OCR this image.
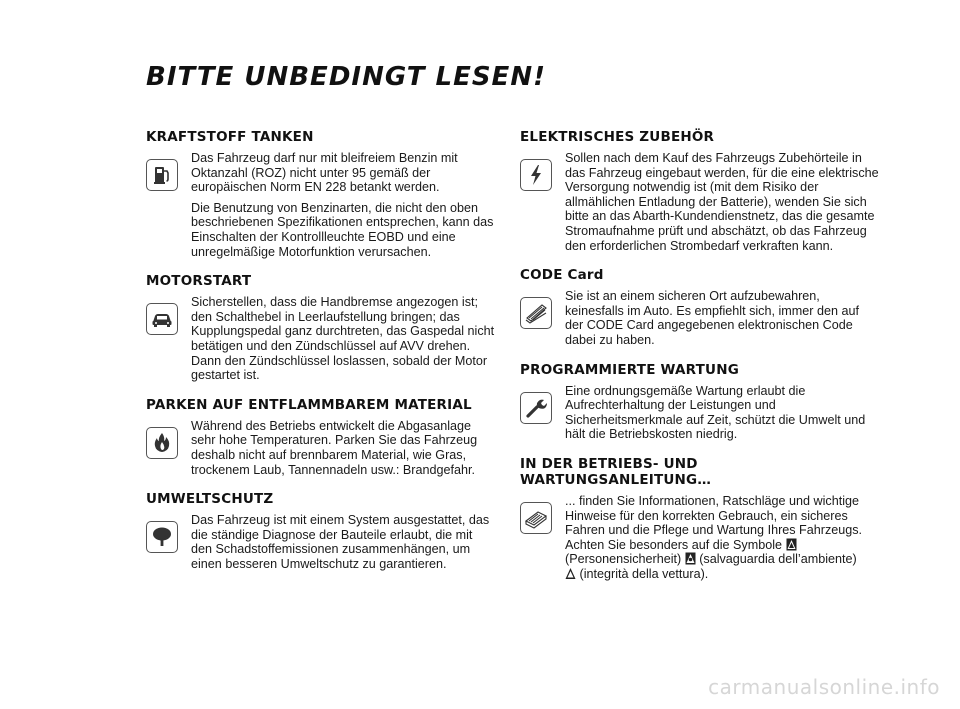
BITTE UNBEDINGT LESEN!
KRAFTSTOFF TANKEN

Das Fahrzeug darf nur mit bleifreiem Benzin mit Oktanzahl (ROZ) nicht unter 95 gemäß der europäischen Norm EN 228 betankt werden.

Die Benutzung von Benzinarten, die nicht den oben beschriebenen Spezifikationen entsprechen, kann das Einschalten der Kontrollleuchte EOBD und eine unregelmäßige Motorfunktion verursachen.

MOTORSTART

Sicherstellen, dass die Handbremse angezogen ist; den Schalthebel in Leerlaufstellung bringen; das Kupplungspedal ganz durchtreten, das Gaspedal nicht betätigen und den Zündschlüssel auf AVV drehen. Dann den Zündschlüssel loslassen, sobald der Motor gestartet ist.

PARKEN AUF ENTFLAMMBAREM MATERIAL

Während des Betriebs entwickelt die Abgasanlage sehr hohe Temperaturen. Parken Sie das Fahrzeug deshalb nicht auf brennbarem Material, wie Gras, trockenem Laub, Tannennadeln usw.: Brandgefahr.

UMWELTSCHUTZ

Das Fahrzeug ist mit einem System ausgestattet, das die ständige Diagnose der Bauteile erlaubt, die mit den Schadstoffemissionen zusammenhängen, um einen besseren Umweltschutz zu garantieren.

ELEKTRISCHES ZUBEHÖR

Sollen nach dem Kauf des Fahrzeugs Zubehörteile in das Fahrzeug eingebaut werden, für die eine elektrische Versorgung notwendig ist (mit dem Risiko der allmählichen Entladung der Batterie), wenden Sie sich bitte an das Abarth-Kundendienstnetz, das die gesamte Stromaufnahme prüft und abschätzt, ob das Fahrzeug den erforderlichen Strombedarf verkraften kann.

CODE Card

Sie ist an einem sicheren Ort aufzubewahren, keinesfalls im Auto. Es empfiehlt sich, immer den auf der CODE Card angegebenen elektronischen Code dabei zu haben.

PROGRAMMIERTE WARTUNG

Eine ordnungsgemäße Wartung erlaubt die Aufrechterhaltung der Leistungen und Sicherheitsmerkmale auf Zeit, schützt die Umwelt und hält die Betriebskosten niedrig.

IN DER BETRIEBS- UND WARTUNGSANLEITUNG…

... finden Sie Informationen, Ratschläge und wichtige Hinweise für den korrekten Gebrauch, ein sicheres Fahren und die Pflege und Wartung Ihres Fahrzeugs. Achten Sie besonders auf die Symbole
(Personensicherheit) (salvaguardia dell’ambiente)

(integrità della vettura).

carmanualsonline.info
